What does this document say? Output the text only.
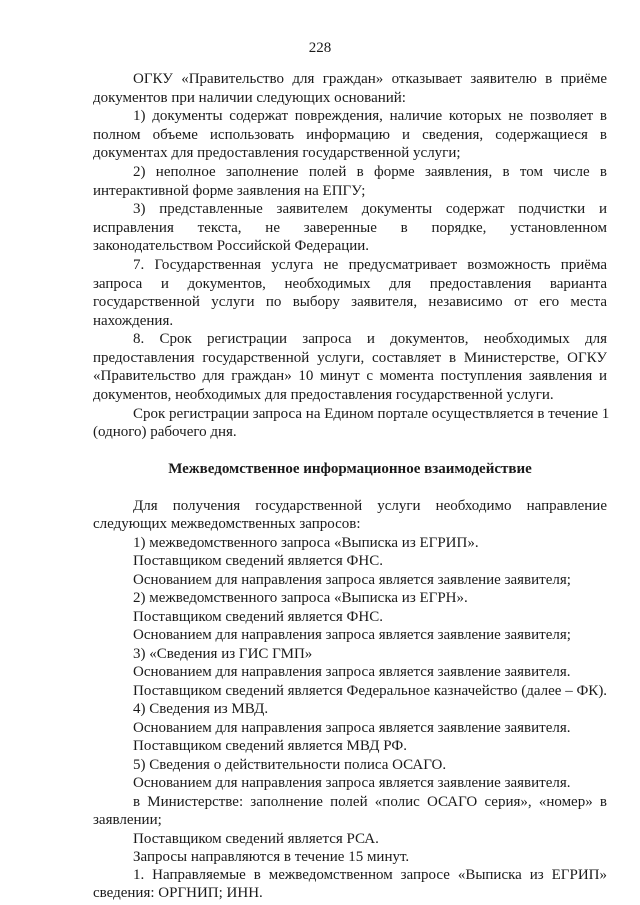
228
ОГКУ «Правительство для граждан» отказывает заявителю в приёме
документов при наличии следующих оснований:
1) документы содержат повреждения, наличие которых не позволяет в
полном объеме использовать информацию и сведения, содержащиеся в
документах для предоставления государственной услуги;
2) неполное заполнение полей в форме заявления, в том числе в
интерактивной форме заявления на ЕПГУ;
3) представленные заявителем документы содержат подчистки и
исправления текста, не заверенные в порядке, установленном
законодательством Российской Федерации.
7. Государственная услуга не предусматривает возможность приёма
запроса и документов, необходимых для предоставления варианта
государственной услуги по выбору заявителя, независимо от его места
нахождения.
8. Срок регистрации запроса и документов, необходимых для
предоставления государственной услуги, составляет в Министерстве, ОГКУ
«Правительство для граждан» 10 минут с момента поступления заявления и
документов, необходимых для предоставления государственной услуги.
Срок регистрации запроса на Едином портале осуществляется в течение 1
(одного) рабочего дня.
Межведомственное информационное взаимодействие
Для получения государственной услуги необходимо направление
следующих межведомственных запросов:
1) межведомственного запроса «Выписка из ЕГРИП».
Поставщиком сведений является ФНС.
Основанием для направления запроса является заявление заявителя;
2) межведомственного запроса «Выписка из ЕГРН».
Поставщиком сведений является ФНС.
Основанием для направления запроса является заявление заявителя;
3) «Сведения из ГИС ГМП»
Основанием для направления запроса является заявление заявителя.
Поставщиком сведений является Федеральное казначейство (далее – ФК).
4) Сведения из МВД.
Основанием для направления запроса является заявление заявителя.
Поставщиком сведений является МВД РФ.
5) Сведения о действительности полиса ОСАГО.
Основанием для направления запроса является заявление заявителя.
в Министерстве: заполнение полей «полис ОСАГО серия», «номер» в
заявлении;
Поставщиком сведений является РСА.
Запросы направляются в течение 15 минут.
1. Направляемые в межведомственном запросе «Выписка из ЕГРИП»
сведения: ОРГНИП; ИНН.
